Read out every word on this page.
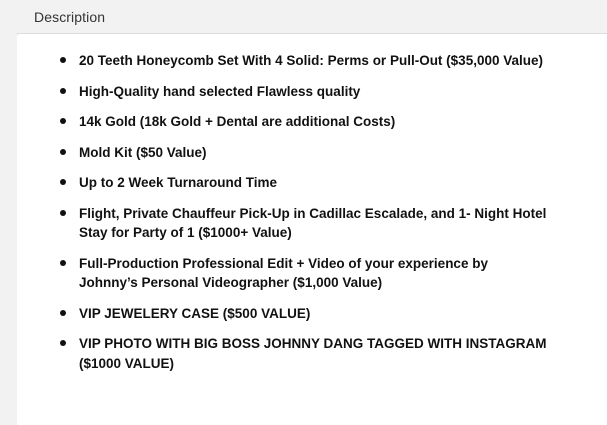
Description
20 Teeth Honeycomb Set With 4 Solid: Perms or Pull-Out ($35,000 Value)
High-Quality hand selected Flawless quality
14k Gold (18k Gold + Dental are additional Costs)
Mold Kit ($50 Value)
Up to 2 Week Turnaround Time
Flight, Private Chauffeur Pick-Up in Cadillac Escalade, and 1- Night Hotel Stay for Party of 1 ($1000+ Value)
Full-Production Professional Edit + Video of your experience by Johnny’s Personal Videographer ($1,000 Value)
VIP JEWELERY CASE ($500 VALUE)
VIP PHOTO WITH BIG BOSS JOHNNY DANG TAGGED WITH INSTAGRAM ($1000 VALUE)
